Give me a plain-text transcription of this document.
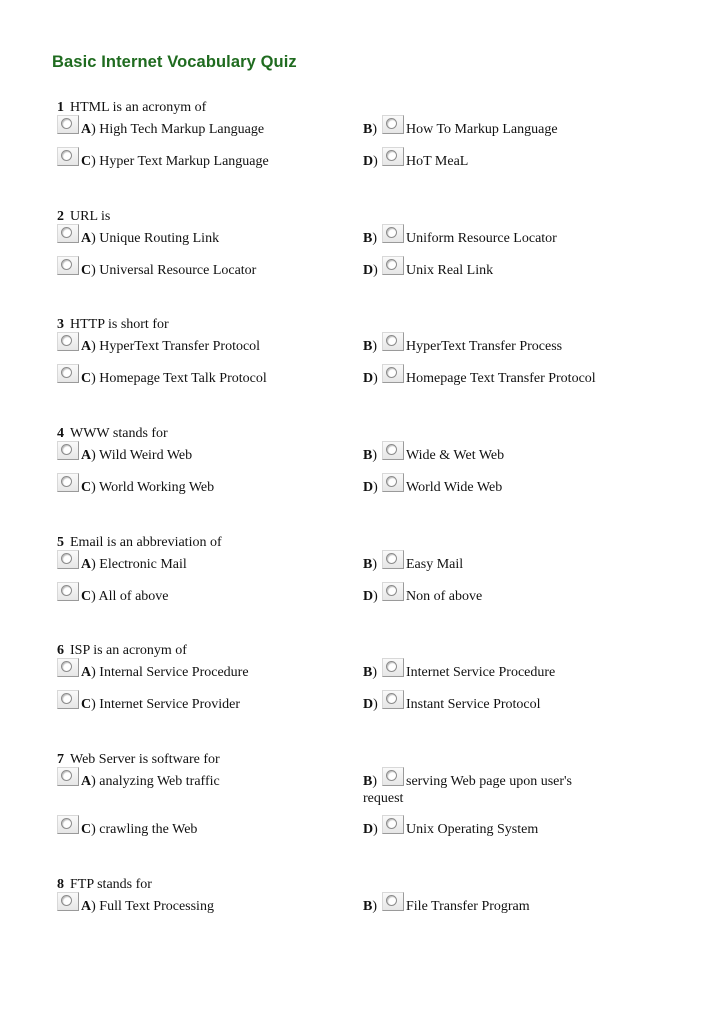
Basic Internet Vocabulary Quiz
1 HTML is an acronym of
A) High Tech Markup Language	B) How To Markup Language
C) Hyper Text Markup Language	D) HoT MeaL
2 URL is
A) Unique Routing Link	B) Uniform Resource Locator
C) Universal Resource Locator	D) Unix Real Link
3 HTTP is short for
A) HyperText Transfer Protocol	B) HyperText Transfer Process
C) Homepage Text Talk Protocol	D) Homepage Text Transfer Protocol
4 WWW stands for
A) Wild Weird Web	B) Wide & Wet Web
C) World Working Web	D) World Wide Web
5 Email is an abbreviation of
A) Electronic Mail	B) Easy Mail
C) All of above	D) Non of above
6 ISP is an acronym of
A) Internal Service Procedure	B) Internet Service Procedure
C) Internet Service Provider	D) Instant Service Protocol
7 Web Server is software for
A) analyzing Web traffic	B) serving Web page upon user's
request
C) crawling the Web	D) Unix Operating System
8 FTP stands for
A) Full Text Processing	B) File Transfer Program
